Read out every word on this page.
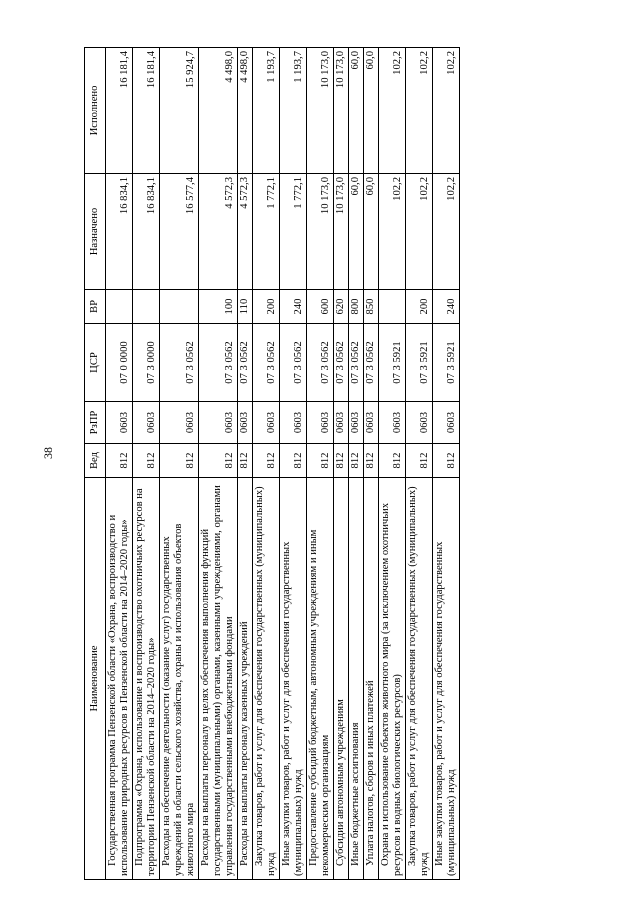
38
Наименование	Вед	РзПР	ЦСР	ВР	Назначено	Исполнено
Государственная программа Пензенской области «Охрана, воспроизводство и использование природных ресурсов в Пензенской области на 2014–2020 годы»	812	0603	07 0 0000		16 834,1	16 181,4
Подпрограмма «Охрана, использование и воспроизводство охотничьих ресурсов на территории Пензенской области на 2014–2020 годы»	812	0603	07 3 0000		16 834,1	16 181,4
Расходы на обеспечение деятельности (оказание услуг) государственных учреждений в области сельского хозяйства, охраны и использования объектов животного мира	812	0603	07 3 0562		16 577,4	15 924,7
Расходы на выплаты персоналу в целях обеспечения выполнения функций государственными (муниципальными) органами, казенными учреждениями, органами управления государственными внебюджетными фондами	812	0603	07 3 0562	100	4 572,3	4 498,0
Расходы на выплаты персоналу казенных учреждений	812	0603	07 3 0562	110	4 572,3	4 498,0
Закупка товаров, работ и услуг для обеспечения государственных (муниципальных) нужд	812	0603	07 3 0562	200	1 772,1	1 193,7
Иные закупки товаров, работ и услуг для обеспечения государственных (муниципальных) нужд	812	0603	07 3 0562	240	1 772,1	1 193,7
Предоставление субсидий бюджетным, автономным учреждениям и иным некоммерческим организациям	812	0603	07 3 0562	600	10 173,0	10 173,0
Субсидии автономным учреждениям	812	0603	07 3 0562	620	10 173,0	10 173,0
Иные бюджетные ассигнования	812	0603	07 3 0562	800	60,0	60,0
Уплата налогов, сборов и иных платежей	812	0603	07 3 0562	850	60,0	60,0
Охрана и использование объектов животного мира (за исключением охотничьих ресурсов и водных биологических ресурсов)	812	0603	07 3 5921		102,2	102,2
Закупка товаров, работ и услуг для обеспечения государственных (муниципальных) нужд	812	0603	07 3 5921	200	102,2	102,2
Иные закупки товаров, работ и услуг для обеспечения государственных (муниципальных) нужд	812	0603	07 3 5921	240	102,2	102,2
